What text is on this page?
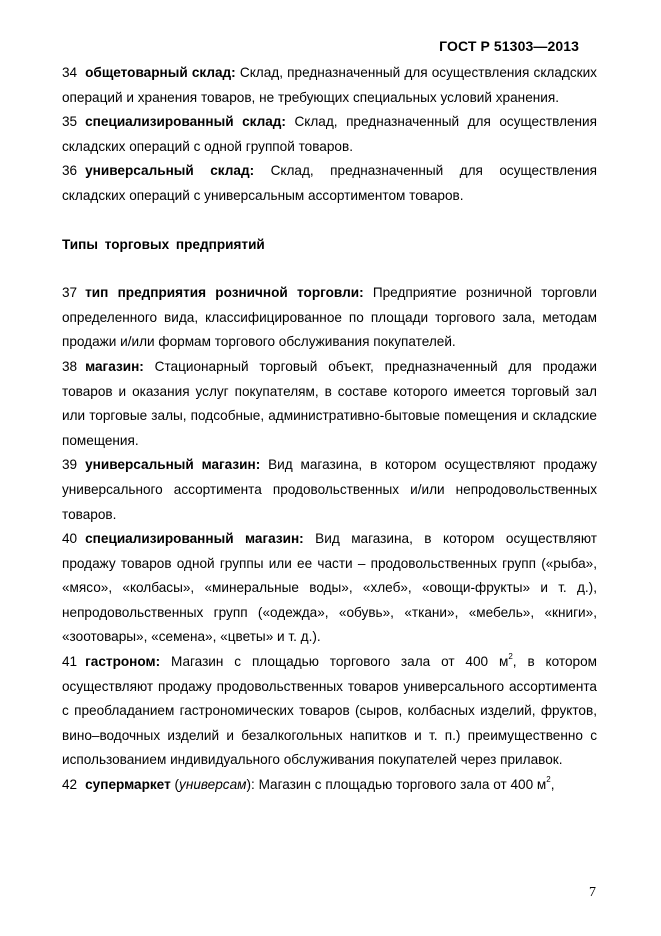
ГОСТ Р 51303—2013

34 общетоварный склад: Склад, предназначенный для осуществления складских операций и хранения товаров, не требующих специальных условий хранения.

35 специализированный склад: Склад, предназначенный для осуществления складских операций с одной группой товаров.

36 универсальный склад: Склад, предназначенный для осуществления складских операций с универсальным ассортиментом товаров.

Типы торговых предприятий

37 тип предприятия розничной торговли: Предприятие розничной торговли определенного вида, классифицированное по площади торгового зала, методам продажи и/или формам торгового обслуживания покупателей.

38 магазин: Стационарный торговый объект, предназначенный для продажи товаров и оказания услуг покупателям, в составе которого имеется торговый зал или торговые залы, подсобные, административно-бытовые помещения и складские помещения.

39 универсальный магазин: Вид магазина, в котором осуществляют продажу универсального ассортимента продовольственных и/или непродовольственных товаров.

40 специализированный магазин: Вид магазина, в котором осуществляют продажу товаров одной группы или ее части – продовольственных групп («рыба», «мясо», «колбасы», «минеральные воды», «хлеб», «овощи-фрукты» и т. д.), непродовольственных групп («одежда», «обувь», «ткани», «мебель», «книги», «зоотовары», «семена», «цветы» и т. д.).

41 гастроном: Магазин с площадью торгового зала от 400 $м^2$, в котором осуществляют продажу продовольственных товаров универсального ассортимента с преобладанием гастрономических товаров (сыров, колбасных изделий, фруктов, вино–водочных изделий и безалкогольных напитков и т. п.) преимущественно с использованием индивидуального обслуживания покупателей через прилавок.

42 супермаркет (универсам): Магазин с площадью торгового зала от 400 $м^2$,

7
